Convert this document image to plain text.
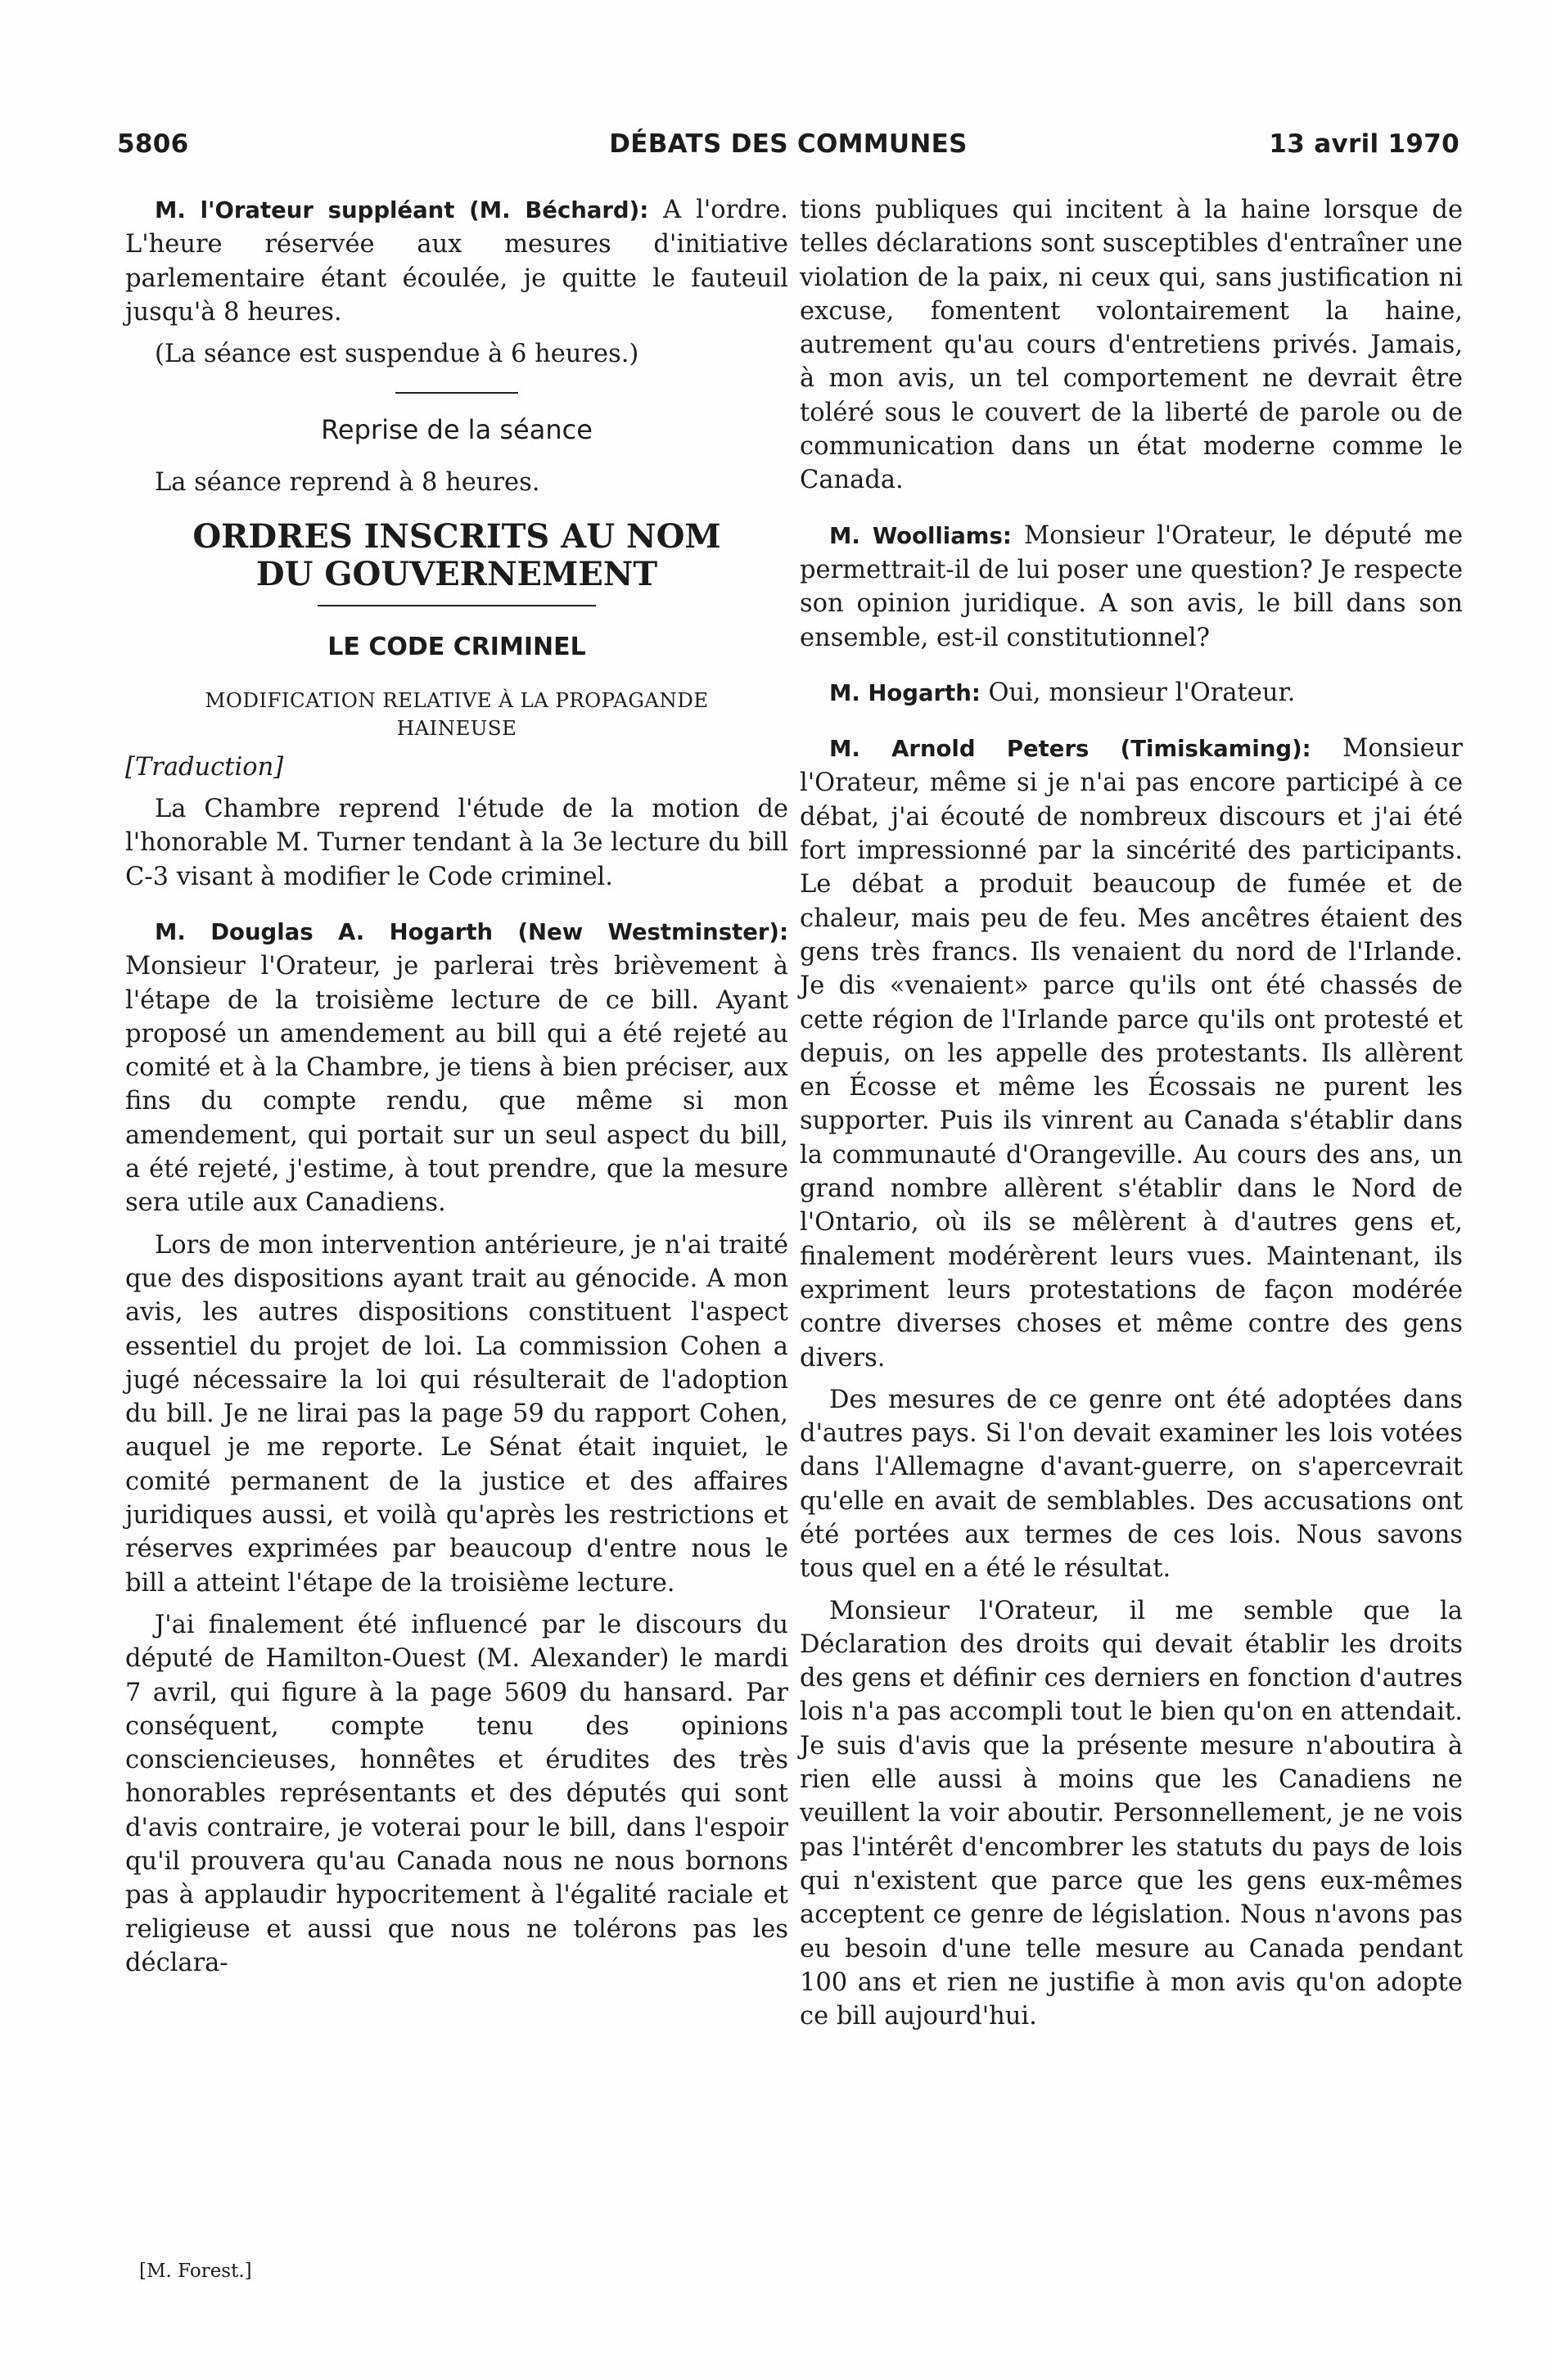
5806	DÉBATS DES COMMUNES	13 avril 1970

M. l'Orateur suppléant (M. Béchard): A l'ordre. L'heure réservée aux mesures d'initiative parlementaire étant écoulée, je quitte le fauteuil jusqu'à 8 heures.

(La séance est suspendue à 6 heures.)

Reprise de la séance

La séance reprend à 8 heures.

ORDRES INSCRITS AU NOM
DU GOUVERNEMENT
LE CODE CRIMINEL
MODIFICATION RELATIVE À LA PROPAGANDE
HAINEUSE

[Traduction]

La Chambre reprend l'étude de la motion de l'honorable M. Turner tendant à la 3e lecture du bill C-3 visant à modifier le Code criminel.

M. Douglas A. Hogarth (New Westminster): Monsieur l'Orateur, je parlerai très brièvement à l'étape de la troisième lecture de ce bill. Ayant proposé un amendement au bill qui a été rejeté au comité et à la Chambre, je tiens à bien préciser, aux fins du compte rendu, que même si mon amendement, qui portait sur un seul aspect du bill, a été rejeté, j'estime, à tout prendre, que la mesure sera utile aux Canadiens.

Lors de mon intervention antérieure, je n'ai traité que des dispositions ayant trait au génocide. A mon avis, les autres dispositions constituent l'aspect essentiel du projet de loi. La commission Cohen a jugé nécessaire la loi qui résulterait de l'adoption du bill. Je ne lirai pas la page 59 du rapport Cohen, auquel je me reporte. Le Sénat était inquiet, le comité permanent de la justice et des affaires juridiques aussi, et voilà qu'après les restrictions et réserves exprimées par beaucoup d'entre nous le bill a atteint l'étape de la troisième lecture.

J'ai finalement été influencé par le discours du député de Hamilton-Ouest (M. Alexander) le mardi 7 avril, qui figure à la page 5609 du hansard. Par conséquent, compte tenu des opinions consciencieuses, honnêtes et érudites des très honorables représentants et des députés qui sont d'avis contraire, je voterai pour le bill, dans l'espoir qu'il prouvera qu'au Canada nous ne nous bornons pas à applaudir hypocritement à l'égalité raciale et religieuse et aussi que nous ne tolérons pas les déclara-

tions publiques qui incitent à la haine lorsque de telles déclarations sont susceptibles d'entraîner une violation de la paix, ni ceux qui, sans justification ni excuse, fomentent volontairement la haine, autrement qu'au cours d'entretiens privés. Jamais, à mon avis, un tel comportement ne devrait être toléré sous le couvert de la liberté de parole ou de communication dans un état moderne comme le Canada.

M. Woolliams: Monsieur l'Orateur, le député me permettrait-il de lui poser une question? Je respecte son opinion juridique. A son avis, le bill dans son ensemble, est-il constitutionnel?

M. Hogarth: Oui, monsieur l'Orateur.

M. Arnold Peters (Timiskaming): Monsieur l'Orateur, même si je n'ai pas encore participé à ce débat, j'ai écouté de nombreux discours et j'ai été fort impressionné par la sincérité des participants. Le débat a produit beaucoup de fumée et de chaleur, mais peu de feu. Mes ancêtres étaient des gens très francs. Ils venaient du nord de l'Irlande. Je dis «venaient» parce qu'ils ont été chassés de cette région de l'Irlande parce qu'ils ont protesté et depuis, on les appelle des protestants. Ils allèrent en Écosse et même les Écossais ne purent les supporter. Puis ils vinrent au Canada s'établir dans la communauté d'Orangeville. Au cours des ans, un grand nombre allèrent s'établir dans le Nord de l'Ontario, où ils se mêlèrent à d'autres gens et, finalement modérèrent leurs vues. Maintenant, ils expriment leurs protestations de façon modérée contre diverses choses et même contre des gens divers.

Des mesures de ce genre ont été adoptées dans d'autres pays. Si l'on devait examiner les lois votées dans l'Allemagne d'avant-guerre, on s'apercevrait qu'elle en avait de semblables. Des accusations ont été portées aux termes de ces lois. Nous savons tous quel en a été le résultat.

Monsieur l'Orateur, il me semble que la Déclaration des droits qui devait établir les droits des gens et définir ces derniers en fonction d'autres lois n'a pas accompli tout le bien qu'on en attendait. Je suis d'avis que la présente mesure n'aboutira à rien elle aussi à moins que les Canadiens ne veuillent la voir aboutir. Personnellement, je ne vois pas l'intérêt d'encombrer les statuts du pays de lois qui n'existent que parce que les gens eux-mêmes acceptent ce genre de législation. Nous n'avons pas eu besoin d'une telle mesure au Canada pendant 100 ans et rien ne justifie à mon avis qu'on adopte ce bill aujourd'hui.

[M. Forest.]
